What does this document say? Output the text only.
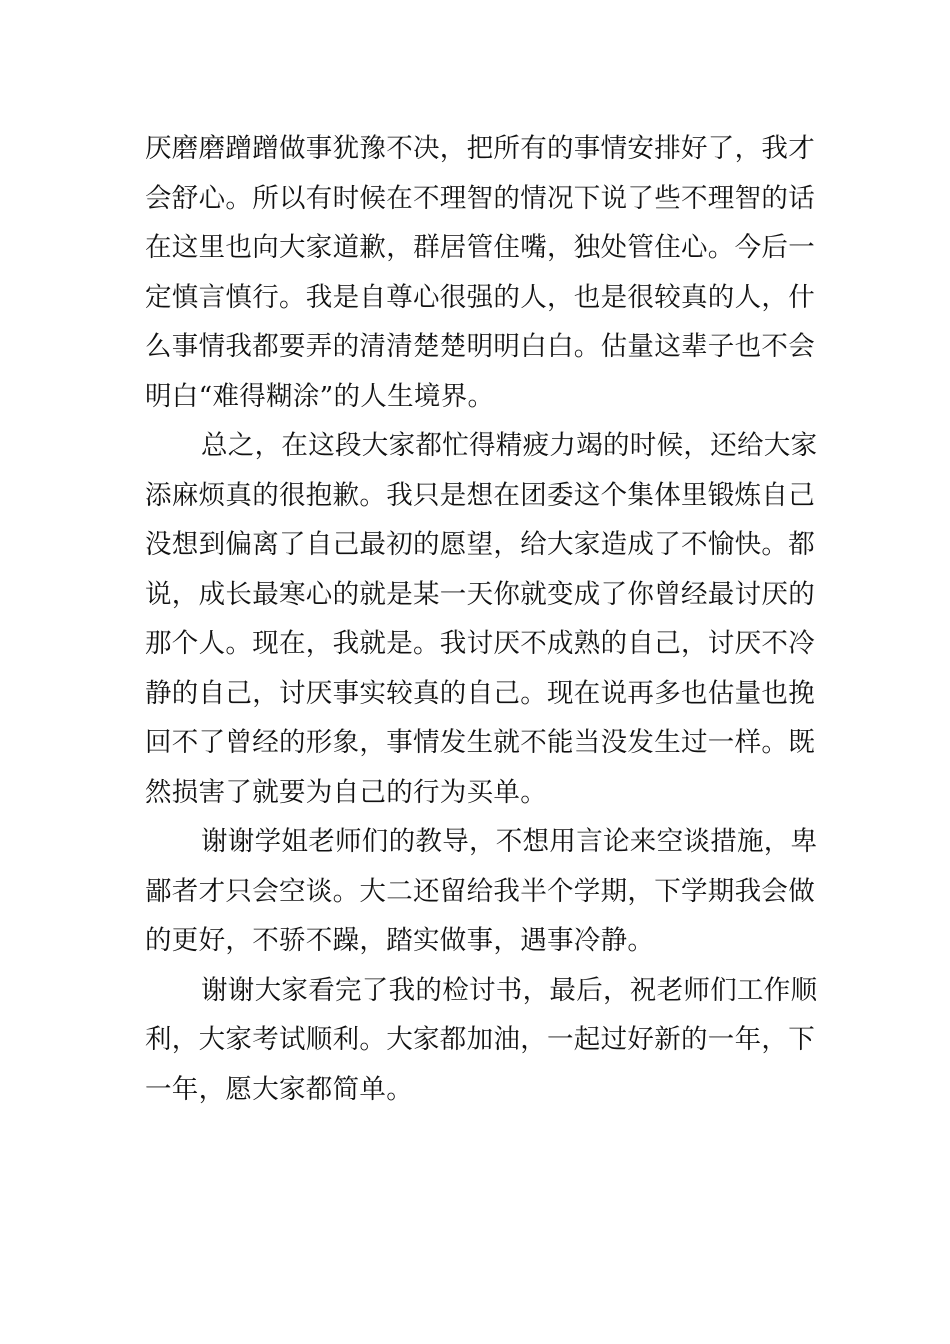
厌磨磨蹭蹭做事犹豫不决，把所有的事情安排好了，我才
会舒心。所以有时候在不理智的情况下说了些不理智的话
在这里也向大家道歉，群居管住嘴，独处管住心。今后一
定慎言慎行。我是自尊心很强的人，也是很较真的人，什
么事情我都要弄的清清楚楚明明白白。估量这辈子也不会
明白“难得糊涂”的人生境界。
总之，在这段大家都忙得精疲力竭的时候，还给大家
添麻烦真的很抱歉。我只是想在团委这个集体里锻炼自己
没想到偏离了自己最初的愿望，给大家造成了不愉快。都
说，成长最寒心的就是某一天你就变成了你曾经最讨厌的
那个人。现在，我就是。我讨厌不成熟的自己，讨厌不冷
静的自己，讨厌事实较真的自己。现在说再多也估量也挽
回不了曾经的形象，事情发生就不能当没发生过一样。既
然损害了就要为自己的行为买单。
谢谢学姐老师们的教导，不想用言论来空谈措施，卑
鄙者才只会空谈。大二还留给我半个学期，下学期我会做
的更好，不骄不躁，踏实做事，遇事冷静。
谢谢大家看完了我的检讨书，最后，祝老师们工作顺
利，大家考试顺利。大家都加油，一起过好新的一年，下
一年，愿大家都简单。
